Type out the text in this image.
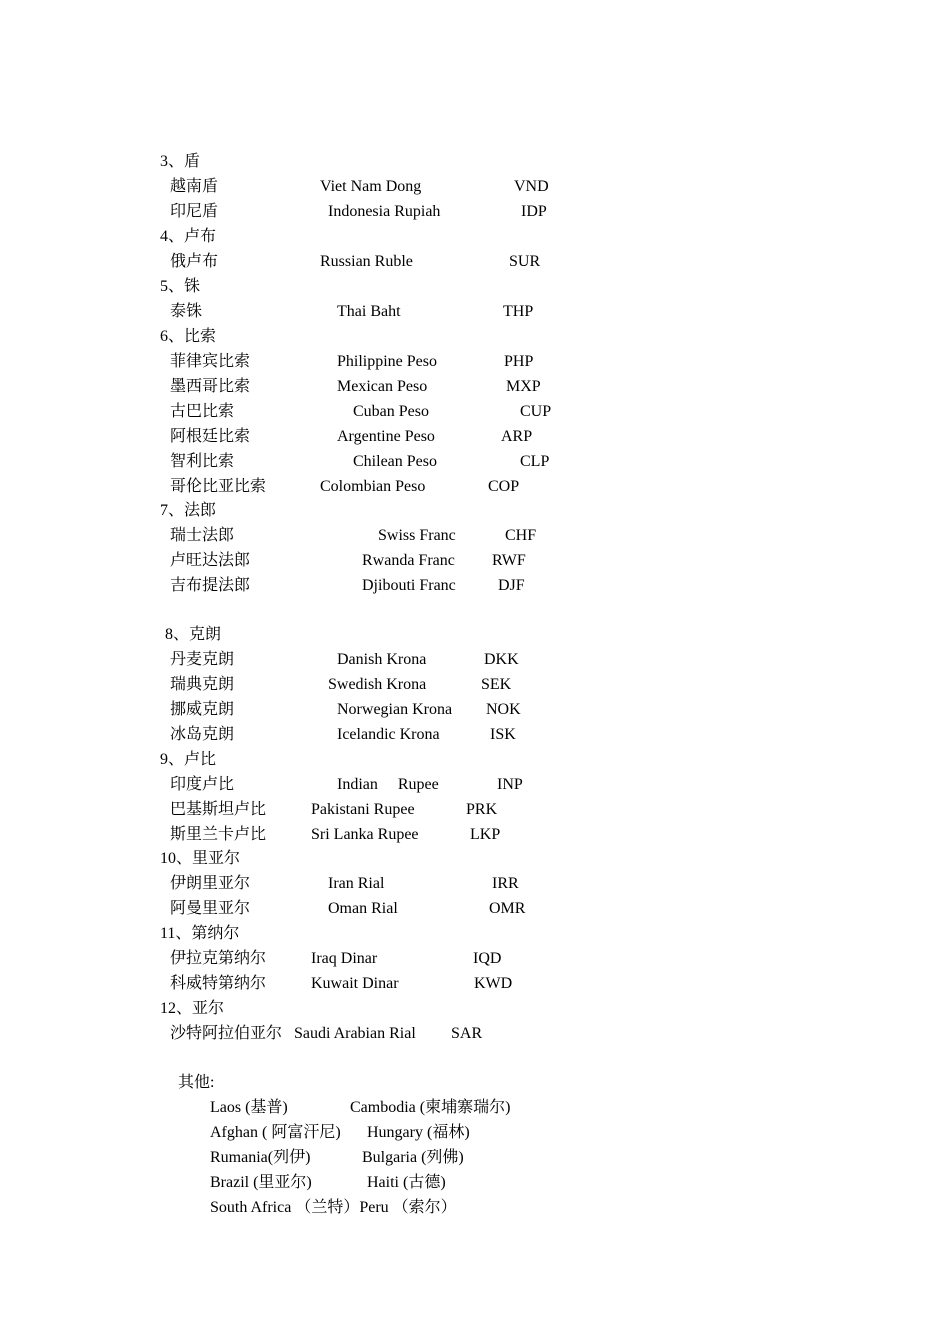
3、盾
越南盾	Viet Nam Dong	VND
印尼盾	Indonesia Rupiah	IDP
4、卢布
俄卢布	Russian Ruble	SUR
5、铢
泰铢	Thai Baht	THP
6、比索
菲律宾比索	Philippine Peso	PHP
墨西哥比索	Mexican Peso	MXP
古巴比索	Cuban Peso	CUP
阿根廷比索	Argentine Peso	ARP
智利比索	Chilean Peso	CLP
哥伦比亚比索	Colombian Peso	COP
7、法郎
瑞士法郎	Swiss Franc	CHF
卢旺达法郎	Rwanda Franc RWF
吉布提法郎	Djibouti Franc	DJF
8、克朗
丹麦克朗	Danish Krona	DKK
瑞典克朗	Swedish Krona	SEK
挪威克朗	Norwegian Krona NOK
冰岛克朗	Icelandic Krona	ISK
9、卢比
印度卢比	Indian     Rupee	INP
巴基斯坦卢比	Pakistani Rupee	PRK
斯里兰卡卢比	Sri Lanka Rupee	LKP
10、里亚尔
伊朗里亚尔	Iran Rial	IRR
阿曼里亚尔	Oman Rial	OMR
11、第纳尔
伊拉克第纳尔	Iraq Dinar	IQD
科威特第纳尔	Kuwait Dinar	KWD
12、亚尔
沙特阿拉伯亚尔 Saudi Arabian Rial SAR
其他:
Laos (基普)	Cambodia (柬埔寨瑞尔)
Afghan ( 阿富汗尼) Hungary (福林)
Rumania(列伊)	Bulgaria (列佛)
Brazil (里亚尔)	Haiti (古德)
South Africa （兰特）Peru （索尔）
